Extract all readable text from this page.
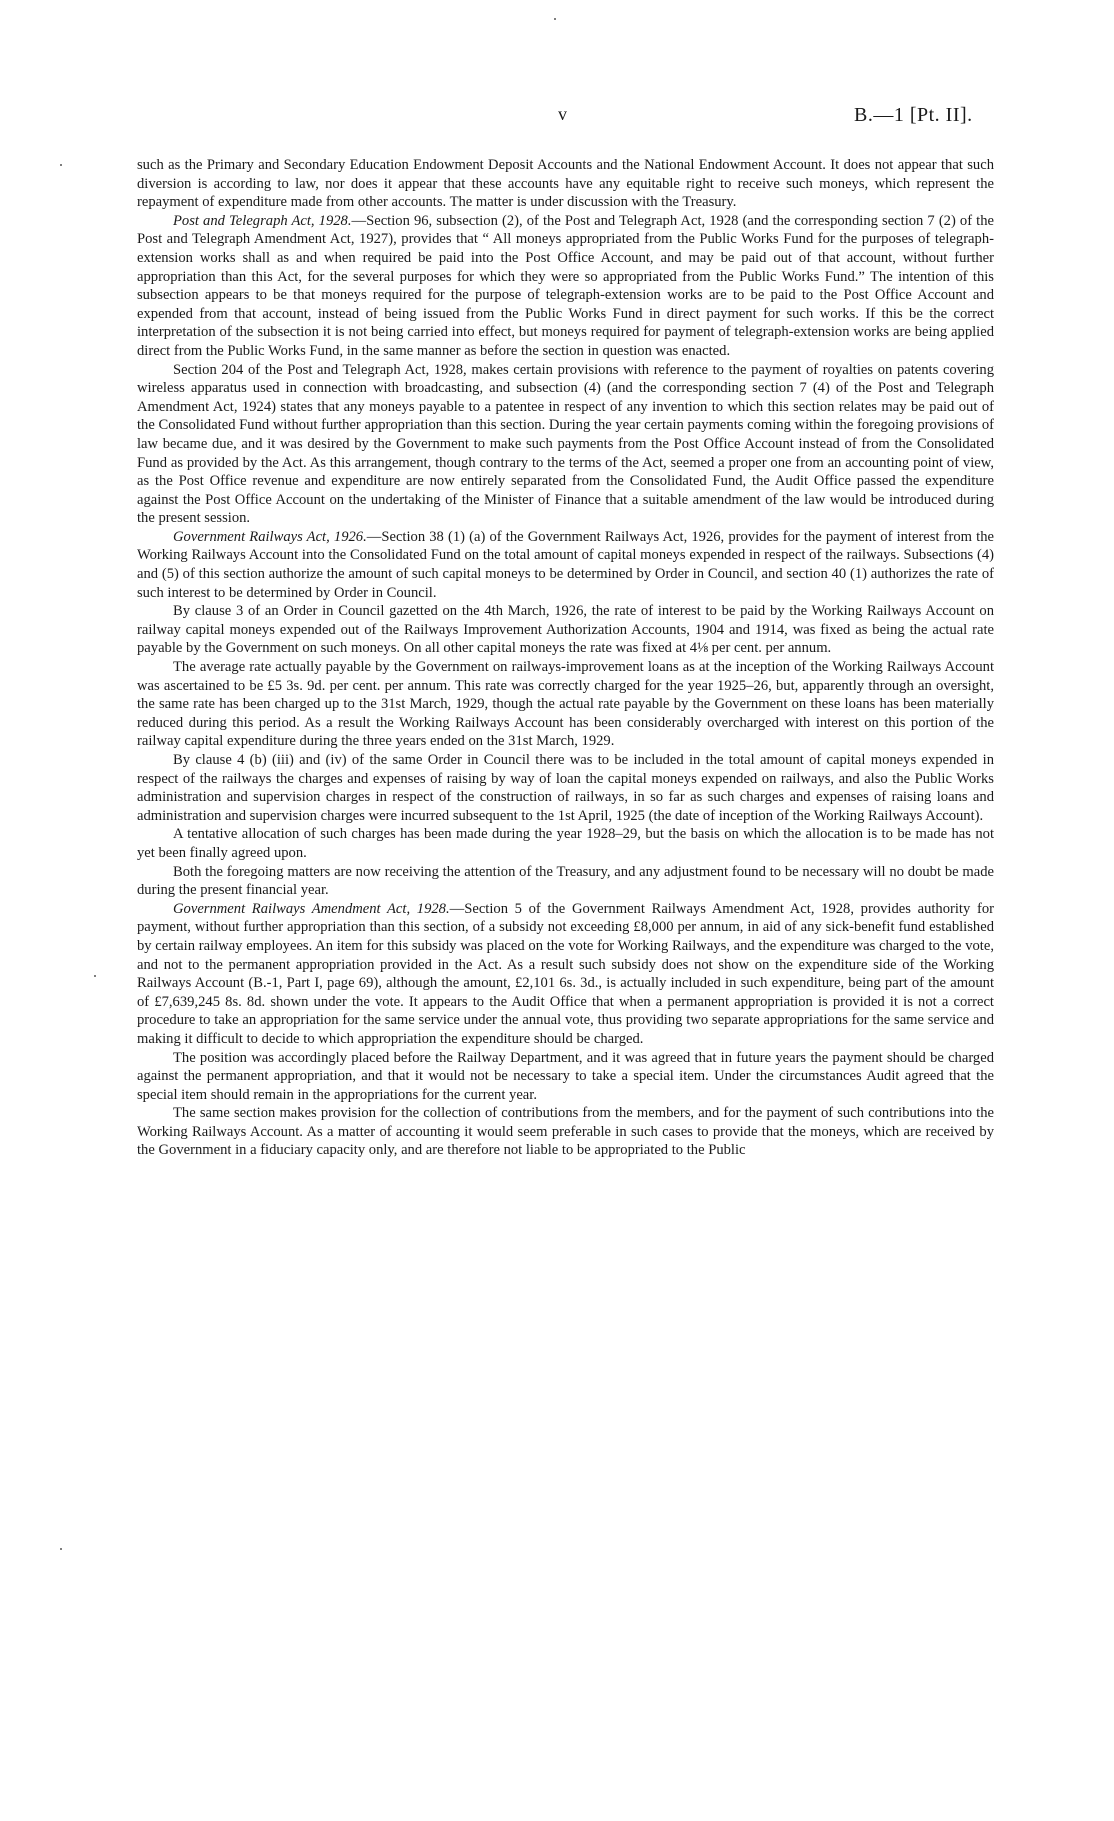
v	B.—1 [Pt. II].

such as the Primary and Secondary Education Endowment Deposit Accounts and the National Endowment Account. It does not appear that such diversion is according to law, nor does it appear that these accounts have any equitable right to receive such moneys, which represent the repayment of expenditure made from other accounts. The matter is under discussion with the Treasury.

Post and Telegraph Act, 1928.—Section 96, subsection (2), of the Post and Telegraph Act, 1928 (and the corresponding section 7 (2) of the Post and Telegraph Amendment Act, 1927), provides that “ All moneys appropriated from the Public Works Fund for the purposes of telegraph-extension works shall as and when required be paid into the Post Office Account, and may be paid out of that account, without further appropriation than this Act, for the several purposes for which they were so appropriated from the Public Works Fund.” The intention of this subsection appears to be that moneys required for the purpose of telegraph-extension works are to be paid to the Post Office Account and expended from that account, instead of being issued from the Public Works Fund in direct payment for such works. If this be the correct interpretation of the subsection it is not being carried into effect, but moneys required for payment of telegraph-extension works are being applied direct from the Public Works Fund, in the same manner as before the section in question was enacted.

Section 204 of the Post and Telegraph Act, 1928, makes certain provisions with reference to the payment of royalties on patents covering wireless apparatus used in connection with broadcasting, and subsection (4) (and the corresponding section 7 (4) of the Post and Telegraph Amendment Act, 1924) states that any moneys payable to a patentee in respect of any invention to which this section relates may be paid out of the Consolidated Fund without further appropriation than this section. During the year certain payments coming within the foregoing provisions of law became due, and it was desired by the Government to make such payments from the Post Office Account instead of from the Consolidated Fund as provided by the Act. As this arrangement, though contrary to the terms of the Act, seemed a proper one from an accounting point of view, as the Post Office revenue and expenditure are now entirely separated from the Consolidated Fund, the Audit Office passed the expenditure against the Post Office Account on the undertaking of the Minister of Finance that a suitable amendment of the law would be introduced during the present session.

Government Railways Act, 1926.—Section 38 (1) (a) of the Government Railways Act, 1926, provides for the payment of interest from the Working Railways Account into the Consolidated Fund on the total amount of capital moneys expended in respect of the railways. Subsections (4) and (5) of this section authorize the amount of such capital moneys to be determined by Order in Council, and section 40 (1) authorizes the rate of such interest to be determined by Order in Council.

By clause 3 of an Order in Council gazetted on the 4th March, 1926, the rate of interest to be paid by the Working Railways Account on railway capital moneys expended out of the Railways Improvement Authorization Accounts, 1904 and 1914, was fixed as being the actual rate payable by the Government on such moneys. On all other capital moneys the rate was fixed at 4⅛ per cent. per annum.

The average rate actually payable by the Government on railways-improvement loans as at the inception of the Working Railways Account was ascertained to be £5 3s. 9d. per cent. per annum. This rate was correctly charged for the year 1925–26, but, apparently through an oversight, the same rate has been charged up to the 31st March, 1929, though the actual rate payable by the Government on these loans has been materially reduced during this period. As a result the Working Railways Account has been considerably overcharged with interest on this portion of the railway capital expenditure during the three years ended on the 31st March, 1929.

By clause 4 (b) (iii) and (iv) of the same Order in Council there was to be included in the total amount of capital moneys expended in respect of the railways the charges and expenses of raising by way of loan the capital moneys expended on railways, and also the Public Works administration and supervision charges in respect of the construction of railways, in so far as such charges and expenses of raising loans and administration and supervision charges were incurred subsequent to the 1st April, 1925 (the date of inception of the Working Railways Account).

A tentative allocation of such charges has been made during the year 1928–29, but the basis on which the allocation is to be made has not yet been finally agreed upon.

Both the foregoing matters are now receiving the attention of the Treasury, and any adjustment found to be necessary will no doubt be made during the present financial year.

Government Railways Amendment Act, 1928.—Section 5 of the Government Railways Amendment Act, 1928, provides authority for payment, without further appropriation than this section, of a subsidy not exceeding £8,000 per annum, in aid of any sick-benefit fund established by certain railway employees. An item for this subsidy was placed on the vote for Working Railways, and the expenditure was charged to the vote, and not to the permanent appropriation provided in the Act. As a result such subsidy does not show on the expenditure side of the Working Railways Account (B.-1, Part I, page 69), although the amount, £2,101 6s. 3d., is actually included in such expenditure, being part of the amount of £7,639,245 8s. 8d. shown under the vote. It appears to the Audit Office that when a permanent appropriation is provided it is not a correct procedure to take an appropriation for the same service under the annual vote, thus providing two separate appropriations for the same service and making it difficult to decide to which appropriation the expenditure should be charged.

The position was accordingly placed before the Railway Department, and it was agreed that in future years the payment should be charged against the permanent appropriation, and that it would not be necessary to take a special item. Under the circumstances Audit agreed that the special item should remain in the appropriations for the current year.

The same section makes provision for the collection of contributions from the members, and for the payment of such contributions into the Working Railways Account. As a matter of accounting it would seem preferable in such cases to provide that the moneys, which are received by the Government in a fiduciary capacity only, and are therefore not liable to be appropriated to the Public
